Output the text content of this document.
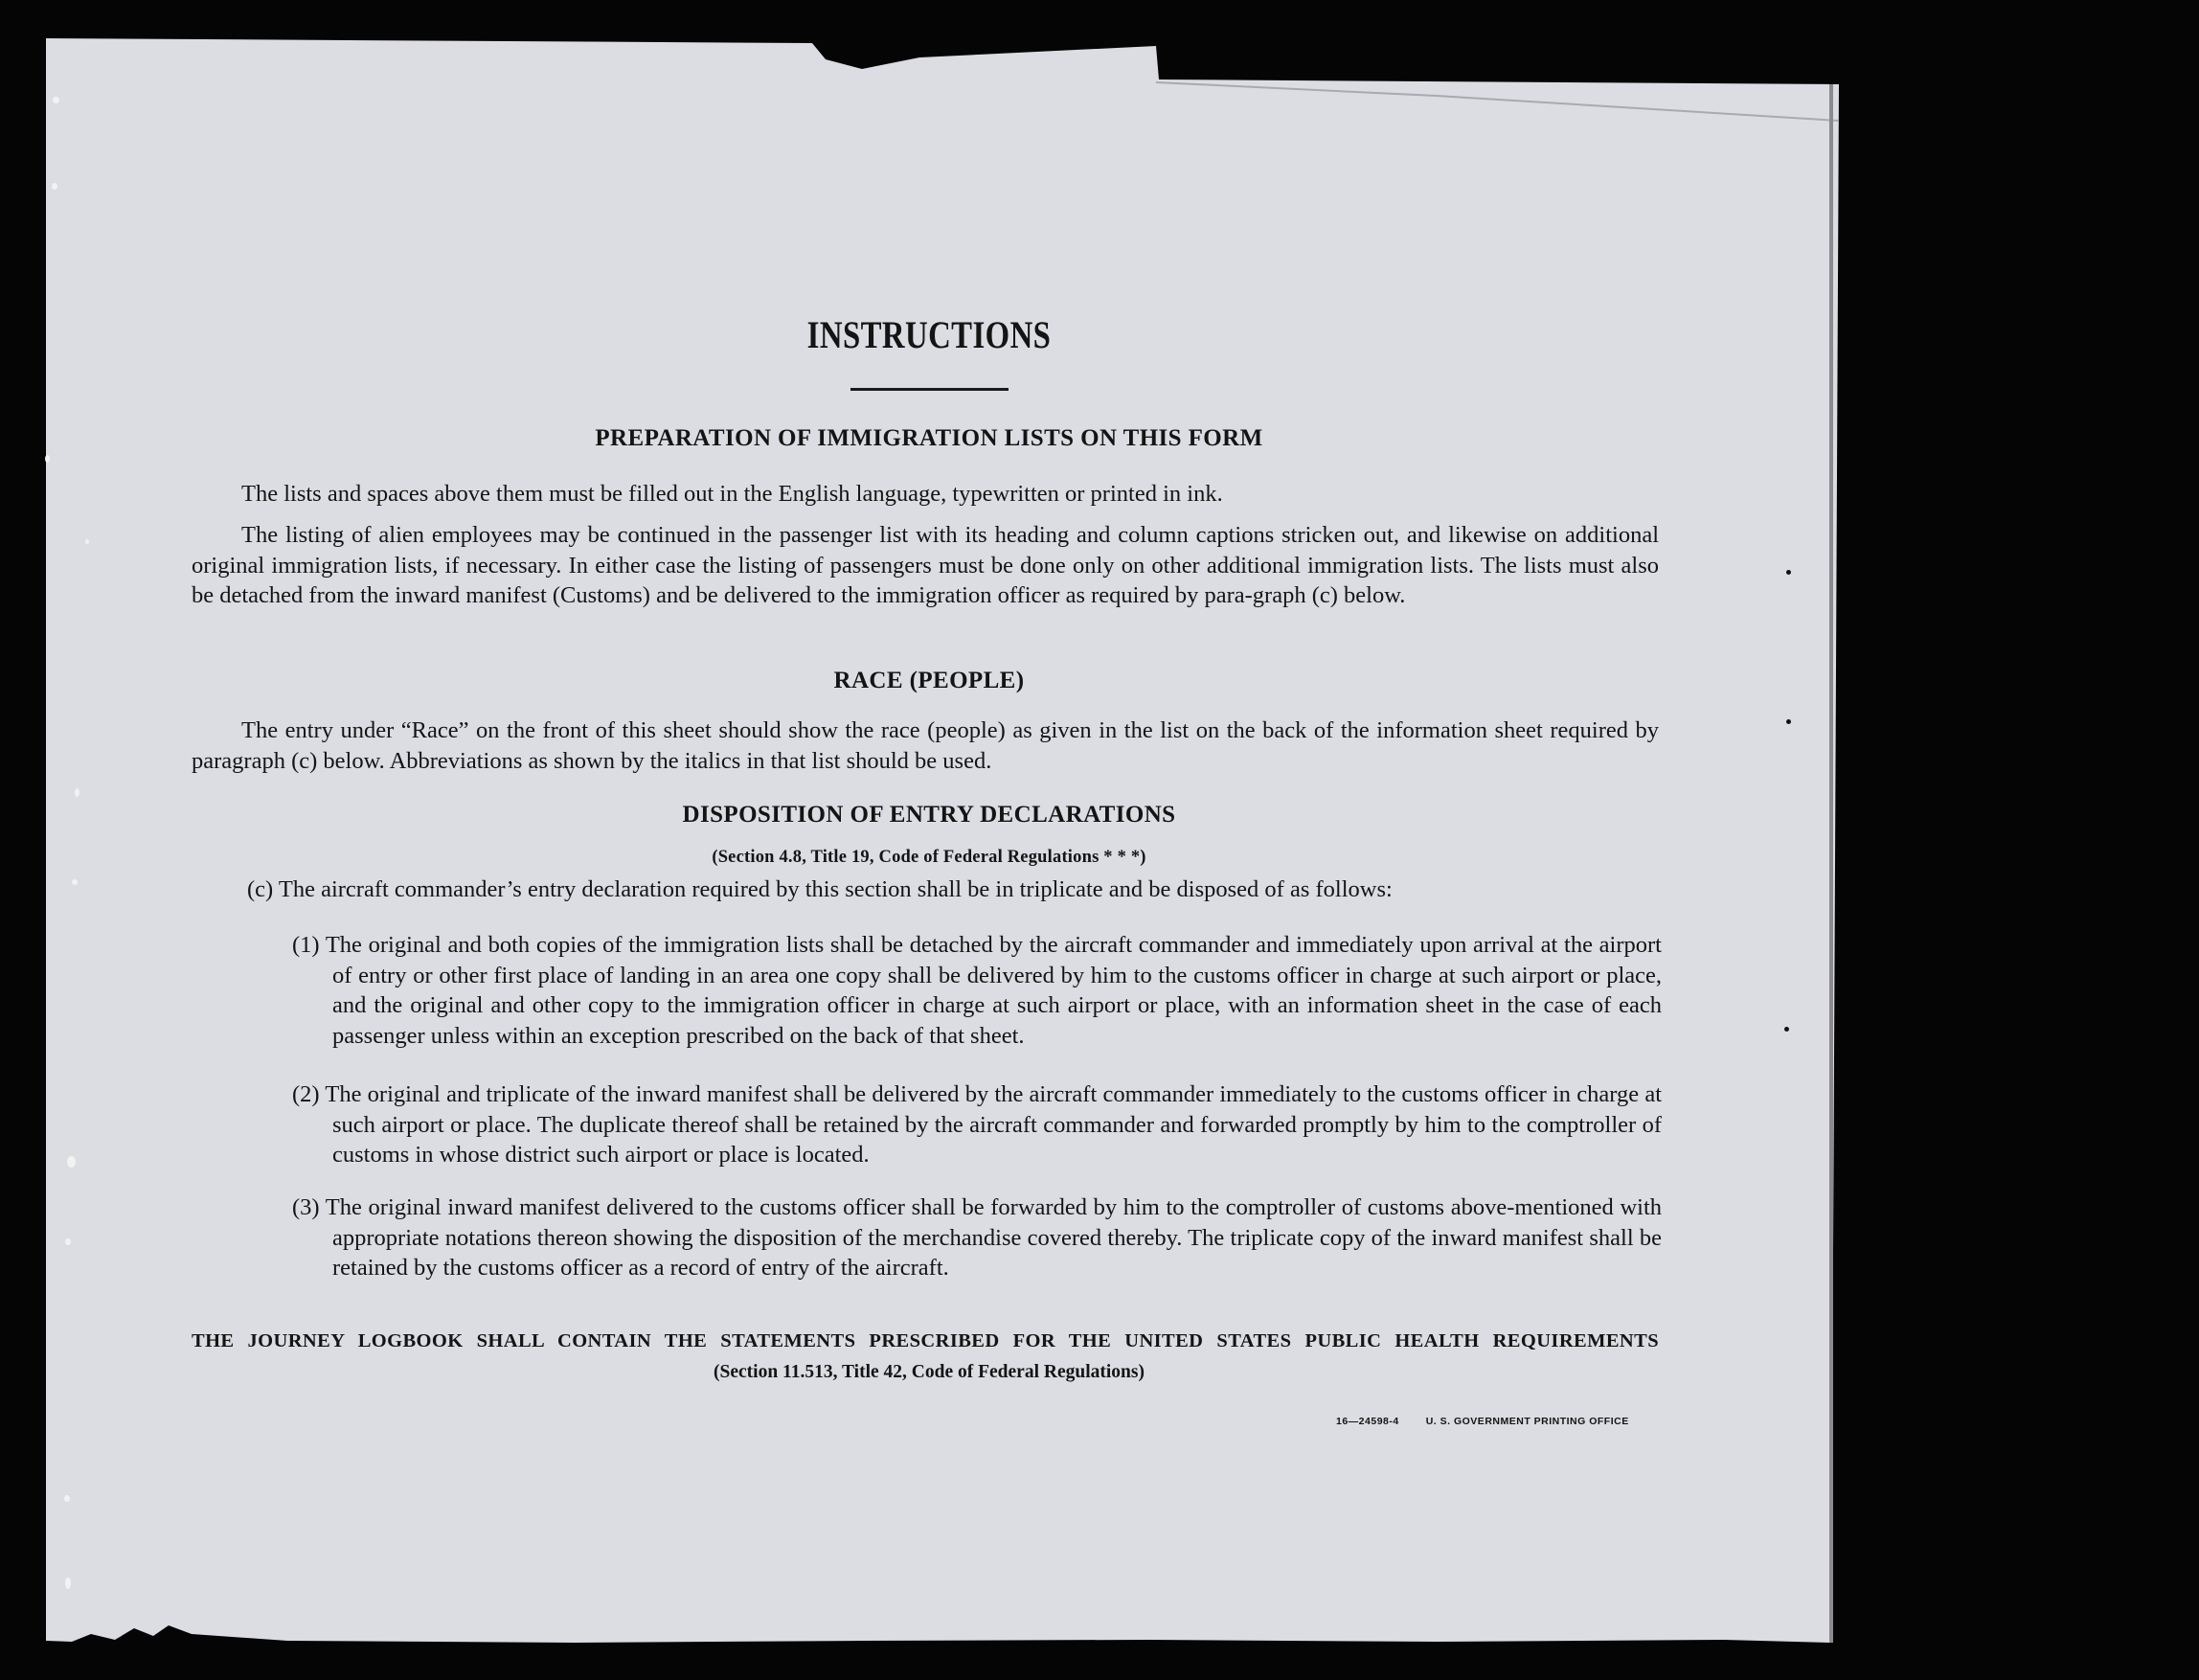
INSTRUCTIONS
PREPARATION OF IMMIGRATION LISTS ON THIS FORM
The lists and spaces above them must be filled out in the English language, typewritten or printed in ink.
The listing of alien employees may be continued in the passenger list with its heading and column captions stricken out, and likewise on additional original immigration lists, if necessary. In either case the listing of passengers must be done only on other additional immigration lists. The lists must also be detached from the inward manifest (Customs) and be delivered to the immigration officer as required by para-graph (c) below.
RACE (PEOPLE)
The entry under “Race” on the front of this sheet should show the race (people) as given in the list on the back of the information sheet required by paragraph (c) below. Abbreviations as shown by the italics in that list should be used.
DISPOSITION OF ENTRY DECLARATIONS
(Section 4.8, Title 19, Code of Federal Regulations * * *)
(c) The aircraft commander’s entry declaration required by this section shall be in triplicate and be disposed of as follows:
(1) The original and both copies of the immigration lists shall be detached by the aircraft commander and immediately upon arrival at the airport of entry or other first place of landing in an area one copy shall be delivered by him to the customs officer in charge at such airport or place, and the original and other copy to the immigration officer in charge at such airport or place, with an information sheet in the case of each passenger unless within an exception prescribed on the back of that sheet.
(2) The original and triplicate of the inward manifest shall be delivered by the aircraft commander immediately to the customs officer in charge at such airport or place. The duplicate thereof shall be retained by the aircraft commander and forwarded promptly by him to the comptroller of customs in whose district such airport or place is located.
(3) The original inward manifest delivered to the customs officer shall be forwarded by him to the comptroller of customs above-mentioned with appropriate notations thereon showing the disposition of the merchandise covered thereby. The triplicate copy of the inward manifest shall be retained by the customs officer as a record of entry of the aircraft.
THE JOURNEY LOGBOOK SHALL CONTAIN THE STATEMENTS PRESCRIBED FOR THE UNITED STATES PUBLIC HEALTH REQUIREMENTS
(Section 11.513, Title 42, Code of Federal Regulations)
16—24598-4	U. S. GOVERNMENT PRINTING OFFICE
